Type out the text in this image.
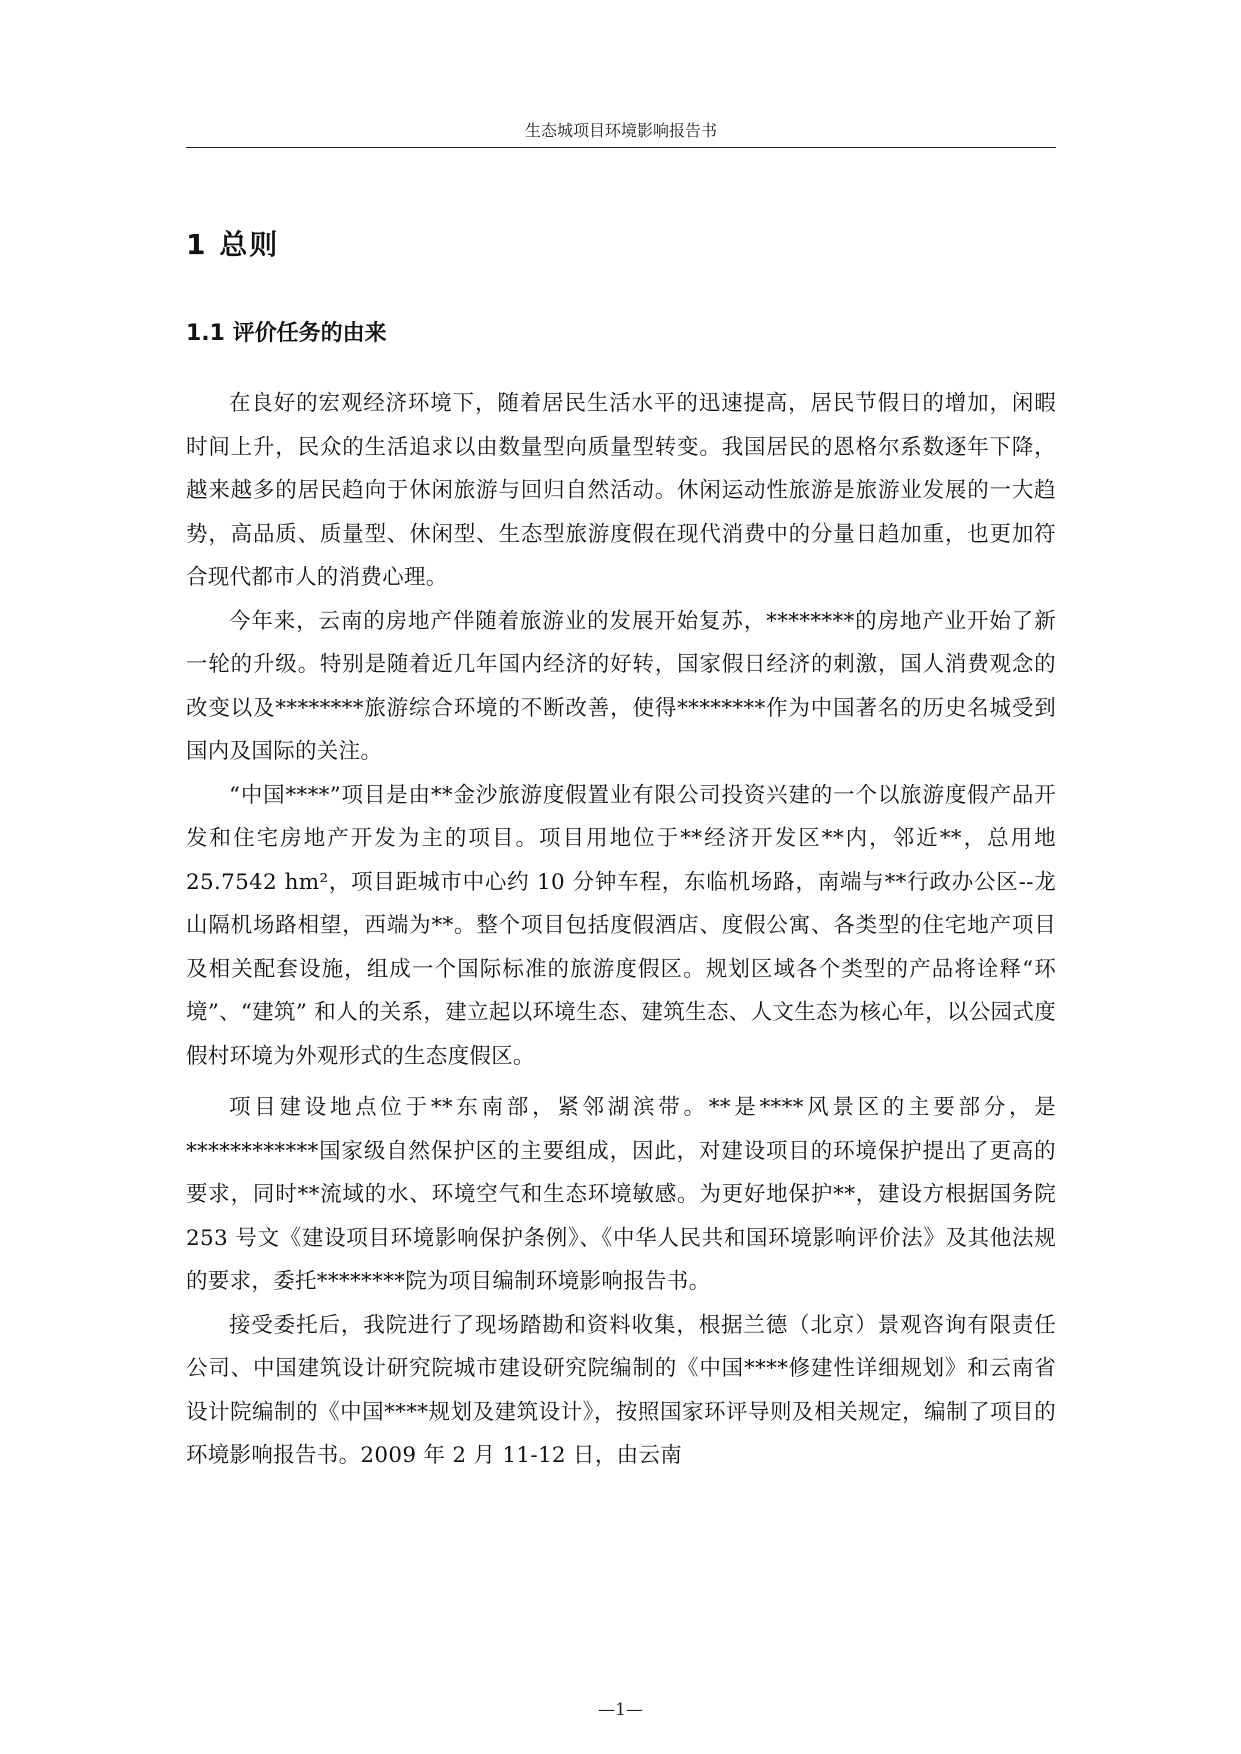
生态城项目环境影响报告书
1 总则
1.1 评价任务的由来

在良好的宏观经济环境下，随着居民生活水平的迅速提高，居民节假日的增加，闲暇时间上升，民众的生活追求以由数量型向质量型转变。我国居民的恩格尔系数逐年下降，越来越多的居民趋向于休闲旅游与回归自然活动。休闲运动性旅游是旅游业发展的一大趋势，高品质、质量型、休闲型、生态型旅游度假在现代消费中的分量日趋加重，也更加符合现代都市人的消费心理。

今年来，云南的房地产伴随着旅游业的发展开始复苏，********的房地产业开始了新一轮的升级。特别是随着近几年国内经济的好转，国家假日经济的刺激，国人消费观念的改变以及********旅游综合环境的不断改善，使得********作为中国著名的历史名城受到国内及国际的关注。

“中国****”项目是由**金沙旅游度假置业有限公司投资兴建的一个以旅游度假产品开发和住宅房地产开发为主的项目。项目用地位于**经济开发区**内，邻近**，总用地 25.7542 hm²，项目距城市中心约 10 分钟车程，东临机场路，南端与**行政办公区--龙山隔机场路相望，西端为**。整个项目包括度假酒店、度假公寓、各类型的住宅地产项目及相关配套设施，组成一个国际标准的旅游度假区。规划区域各个类型的产品将诠释“环境”、“建筑” 和人的关系，建立起以环境生态、建筑生态、人文生态为核心年，以公园式度假村环境为外观形式的生态度假区。

项目建设地点位于**东南部，紧邻湖滨带。**是****风景区的主要部分，是************国家级自然保护区的主要组成，因此，对建设项目的环境保护提出了更高的要求，同时**流域的水、环境空气和生态环境敏感。为更好地保护**，建设方根据国务院 253 号文《建设项目环境影响保护条例》、《中华人民共和国环境影响评价法》及其他法规的要求，委托********院为项目编制环境影响报告书。

接受委托后，我院进行了现场踏勘和资料收集，根据兰德（北京）景观咨询有限责任公司、中国建筑设计研究院城市建设研究院编制的《中国****修建性详细规划》和云南省设计院编制的《中国****规划及建筑设计》，按照国家环评导则及相关规定，编制了项目的环境影响报告书。2009 年 2 月 11-12 日，由云南

—1—
